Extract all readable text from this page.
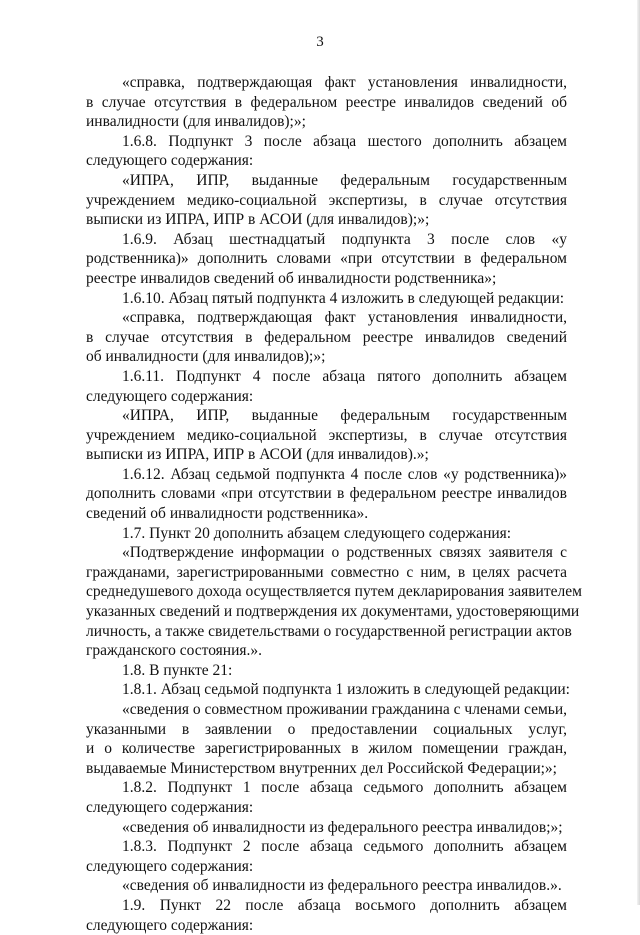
3
«справка, подтверждающая факт установления инвалидности,
в случае отсутствия в федеральном реестре инвалидов сведений об
инвалидности (для инвалидов);»;
1.6.8. Подпункт 3 после абзаца шестого дополнить абзацем
следующего содержания:
«ИПРА, ИПР, выданные федеральным государственным
учреждением медико-социальной экспертизы, в случае отсутствия
выписки из ИПРА, ИПР в АСОИ (для инвалидов);»;
1.6.9. Абзац шестнадцатый подпункта 3 после слов «у
родственника)» дополнить словами «при отсутствии в федеральном
реестре инвалидов сведений об инвалидности родственника»;
1.6.10. Абзац пятый подпункта 4 изложить в следующей редакции:
«справка, подтверждающая факт установления инвалидности,
в случае отсутствия в федеральном реестре инвалидов сведений
об инвалидности (для инвалидов);»;
1.6.11. Подпункт 4 после абзаца пятого дополнить абзацем
следующего содержания:
«ИПРА, ИПР, выданные федеральным государственным
учреждением медико-социальной экспертизы, в случае отсутствия
выписки из ИПРА, ИПР в АСОИ (для инвалидов).»;
1.6.12. Абзац седьмой подпункта 4 после слов «у родственника)»
дополнить словами «при отсутствии в федеральном реестре инвалидов
сведений об инвалидности родственника».
1.7. Пункт 20 дополнить абзацем следующего содержания:
«Подтверждение информации о родственных связях заявителя с
гражданами, зарегистрированными совместно с ним, в целях расчета
среднедушевого дохода осуществляется путем декларирования заявителем
указанных сведений и подтверждения их документами, удостоверяющими
личность, а также свидетельствами о государственной регистрации актов
гражданского состояния.».
1.8. В пункте 21:
1.8.1. Абзац седьмой подпункта 1 изложить в следующей редакции:
«сведения о совместном проживании гражданина с членами семьи,
указанными в заявлении о предоставлении социальных услуг,
и о количестве зарегистрированных в жилом помещении граждан,
выдаваемые Министерством внутренних дел Российской Федерации;»;
1.8.2. Подпункт 1 после абзаца седьмого дополнить абзацем
следующего содержания:
«сведения об инвалидности из федерального реестра инвалидов;»;
1.8.3. Подпункт 2 после абзаца седьмого дополнить абзацем
следующего содержания:
«сведения об инвалидности из федерального реестра инвалидов.».
1.9. Пункт 22 после абзаца восьмого дополнить абзацем
следующего содержания:
